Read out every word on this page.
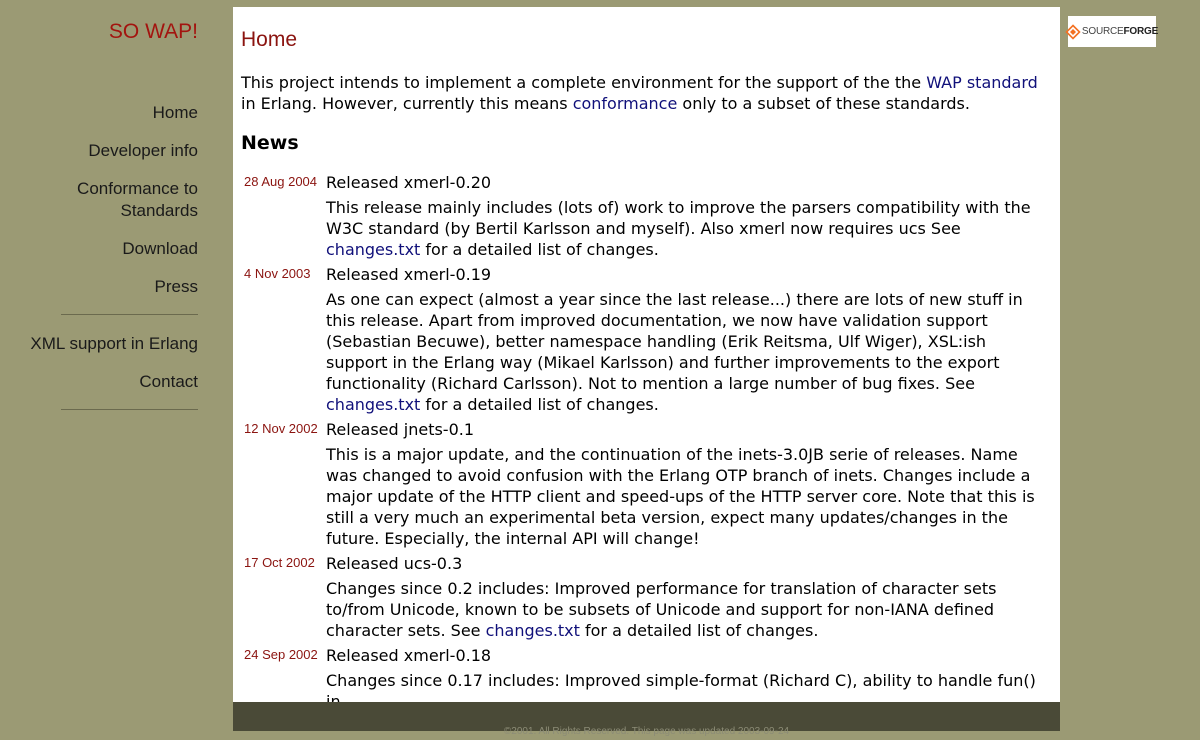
SO WAP!
Home
Developer info
Conformance to Standards
Download
Press
XML support in Erlang
Contact
Home

This project intends to implement a complete environment for the support of the the WAP standard in Erlang. However, currently this means conformance only to a subset of these standards.

News
28 Aug 2004 Released xmerl-0.20

This release mainly includes (lots of) work to improve the parsers compatibility with the W3C standard (by Bertil Karlsson and myself). Also xmerl now requires ucs See changes.txt for a detailed list of changes.

4 Nov 2003 Released xmerl-0.19

As one can expect (almost a year since the last release...) there are lots of new stuff in this release. Apart from improved documentation, we now have validation support (Sebastian Becuwe), better namespace handling (Erik Reitsma, Ulf Wiger), XSL:ish support in the Erlang way (Mikael Karlsson) and further improvements to the export functionality (Richard Carlsson). Not to mention a large number of bug fixes. See changes.txt for a detailed list of changes.

12 Nov 2002 Released jnets-0.1

This is a major update, and the continuation of the inets-3.0JB serie of releases. Name was changed to avoid confusion with the Erlang OTP branch of inets. Changes include a major update of the HTTP client and speed-ups of the HTTP server core. Note that this is still a very much an experimental beta version, expect many updates/changes in the future. Especially, the internal API will change!

17 Oct 2002 Released ucs-0.3

Changes since 0.2 includes: Improved performance for translation of character sets to/from Unicode, known to be subsets of Unicode and support for non-IANA defined character sets. See changes.txt for a detailed list of changes.

24 Sep 2002 Released xmerl-0.18

Changes since 0.17 includes: Improved simple-format (Richard C), ability to handle fun()

©2001. All Rights Reserved. This page was updated 2003-09-24
SOURCEFORGE
